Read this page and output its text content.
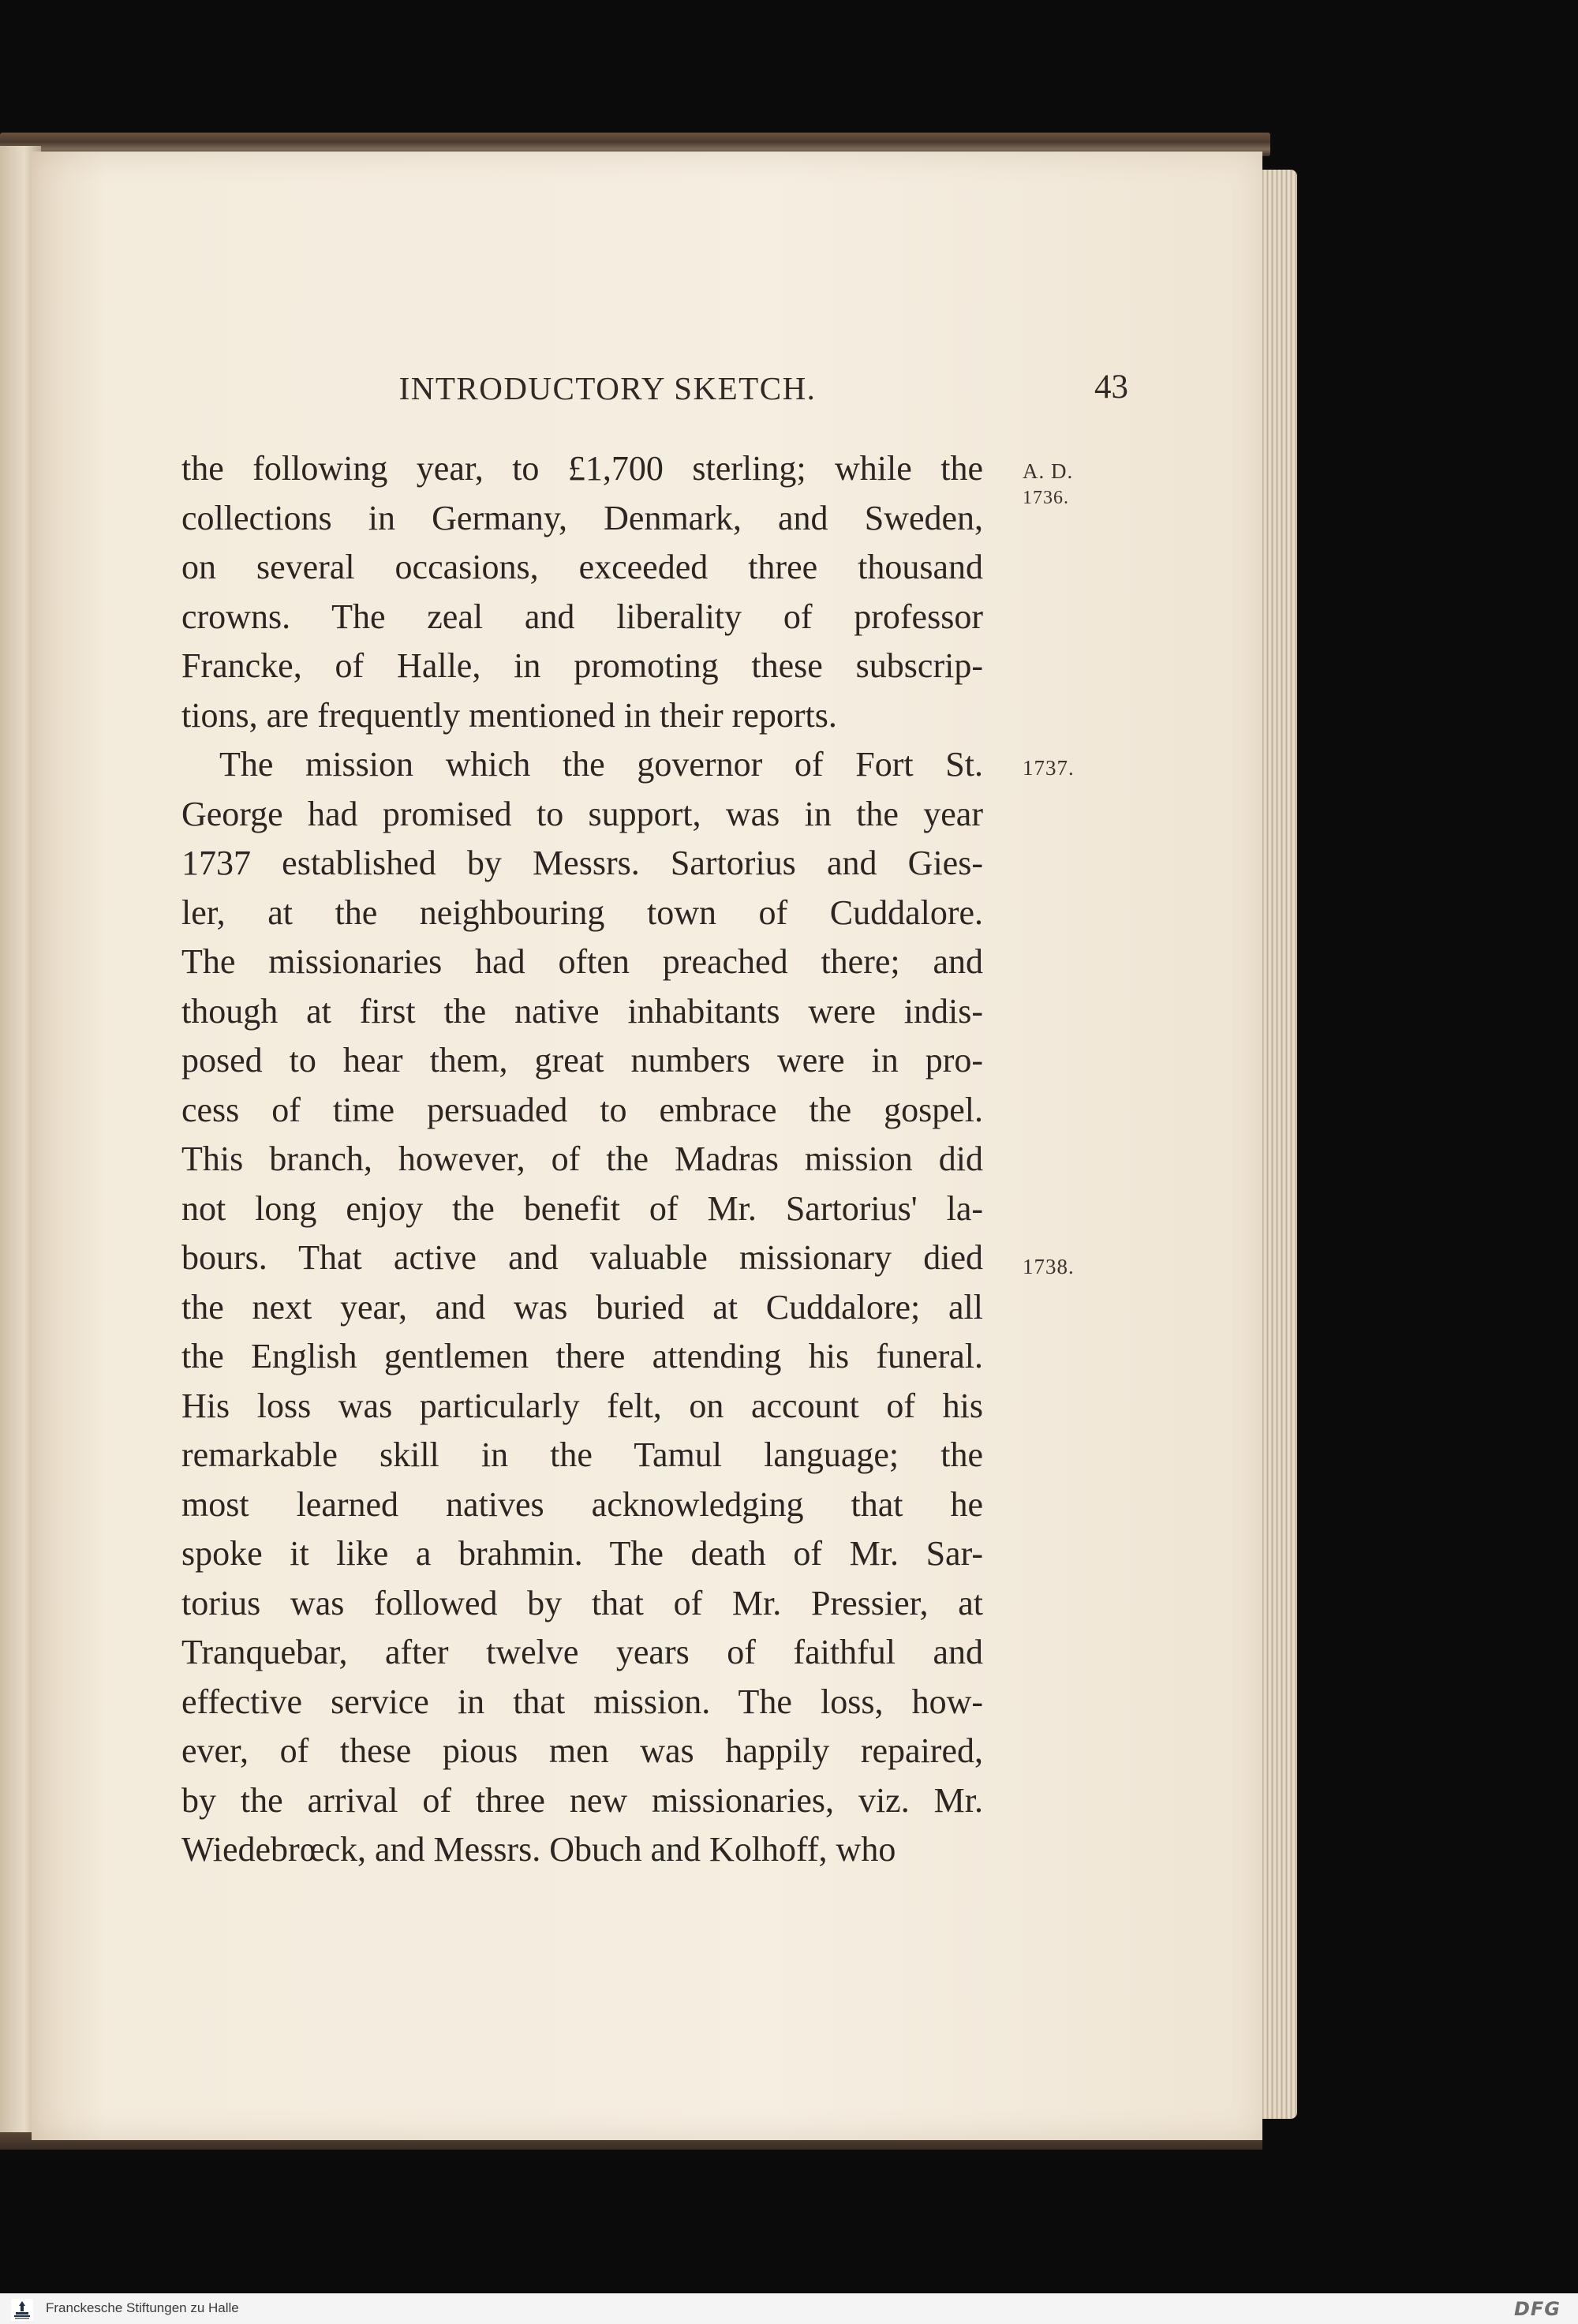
INTRODUCTORY SKETCH.	43
the following year, to £1,700 sterling; while the
collections in Germany, Denmark, and Sweden,
on several occasions, exceeded three thousand
crowns. The zeal and liberality of professor
Francke, of Halle, in promoting these subscrip-
tions, are frequently mentioned in their reports.
The mission which the governor of Fort St.
George had promised to support, was in the year
1737 established by Messrs. Sartorius and Gies-
ler, at the neighbouring town of Cuddalore.
The missionaries had often preached there; and
though at first the native inhabitants were indis-
posed to hear them, great numbers were in pro-
cess of time persuaded to embrace the gospel.
This branch, however, of the Madras mission did
not long enjoy the benefit of Mr. Sartorius' la-
bours. That active and valuable missionary died
the next year, and was buried at Cuddalore; all
the English gentlemen there attending his funeral.
His loss was particularly felt, on account of his
remarkable skill in the Tamul language; the
most learned natives acknowledging that he
spoke it like a brahmin. The death of Mr. Sar-
torius was followed by that of Mr. Pressier, at
Tranquebar, after twelve years of faithful and
effective service in that mission. The loss, how-
ever, of these pious men was happily repaired,
by the arrival of three new missionaries, viz. Mr.
Wiedebrœck, and Messrs. Obuch and Kolhoff, who
A. D.
1736.
1737.
1738.
Franckesche Stiftungen zu Halle	DFG
